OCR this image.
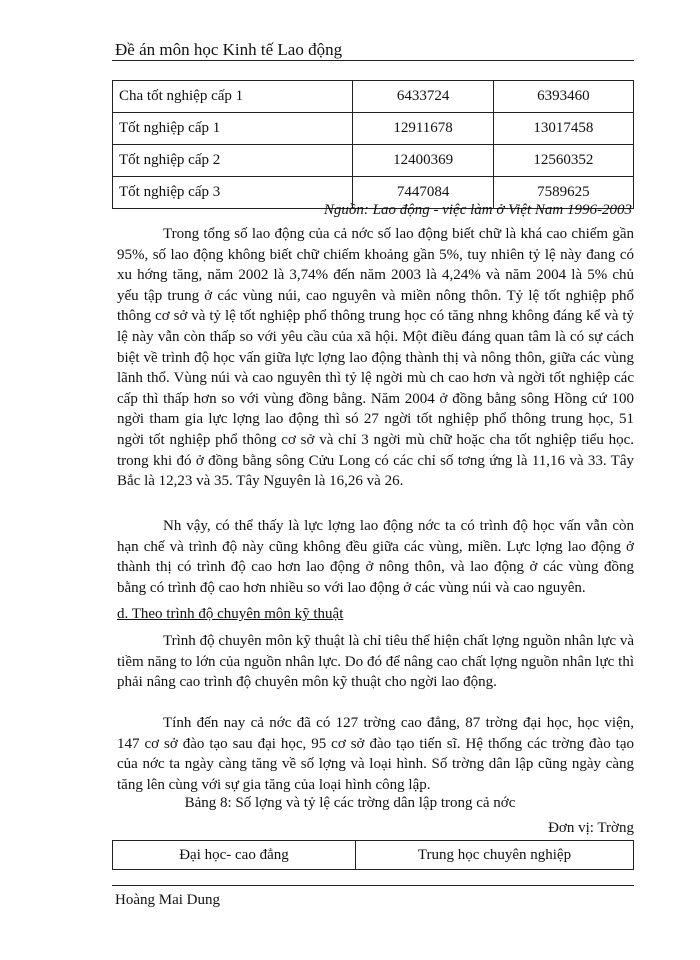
Đề án môn học Kinh tế Lao động
Cha tốt nghiệp cấp 1	6433724	6393460
Tốt nghiệp cấp 1	12911678	13017458
Tốt nghiệp cấp 2	12400369	12560352
Tốt nghiệp cấp 3	7447084	7589625
Nguồn: Lao động - việc làm ở Việt Nam 1996-2003

Trong tổng số lao động của cả nớc số lao động biết chữ là khá cao chiếm gần 95%, số lao động không biết chữ chiếm khoảng gần 5%, tuy nhiên tỷ lệ này đang có xu hớng tăng, năm 2002 là 3,74% đến năm 2003 là 4,24% và năm 2004 là 5% chủ yếu tập trung ở các vùng núi, cao nguyên và miền nông thôn. Tỷ lệ tốt nghiệp phổ thông cơ sở và tỷ lệ tốt nghiệp phổ thông trung học có tăng nhng không đáng kể và tỷ lệ này vẫn còn thấp so với yêu cầu của xã hội. Một điều đáng quan tâm là có sự cách biệt về trình độ học vấn giữa lực lợng lao động thành thị và nông thôn, giữa các vùng lãnh thổ. Vùng núi và cao nguyên thì tỷ lệ ngời mù ch cao hơn và ngời tốt nghiệp các cấp thì thấp hơn so với vùng đồng bằng. Năm 2004 ở đồng bằng sông Hồng cứ 100 ngời tham gia lực lợng lao động thì só 27 ngời tốt nghiệp phổ thông trung học, 51 ngời tốt nghiệp phổ thông cơ sở và chỉ 3 ngời mù chữ hoặc cha tốt nghiệp tiểu học. trong khi đó ở đồng bằng sông Cửu Long có các chỉ số tơng ứng là 11,16 và 33. Tây Bắc là 12,23 và 35. Tây Nguyên là 16,26 và 26.

Nh vậy, có thể thấy là lực lợng lao động nớc ta có trình độ học vấn vẫn còn hạn chế và trình độ này cũng không đều giữa các vùng, miền. Lực lợng lao động ở thành thị có trình độ cao hơn lao động ở nông thôn, và lao động ở các vùng đồng bằng có trình độ cao hơn nhiều so với lao động ở các vùng núi và cao nguyên.

d. Theo trình độ chuyên môn kỹ thuật

Trình độ chuyên môn kỹ thuật là chỉ tiêu thể hiện chất lợng nguồn nhân lực và tiềm năng to lớn của nguồn nhân lực. Do đó để nâng cao chất lợng nguồn nhân lực thì phải nâng cao trình độ chuyên môn kỹ thuật cho ngời lao động.

Tính đến nay cả nớc đã có 127 trờng cao đẳng, 87 trờng đại học, học viện, 147 cơ sở đào tạo sau đại học, 95 cơ sở đào tạo tiến sĩ. Hệ thống các trờng đào tạo của nớc ta ngày càng tăng về số lợng và loại hình. Số trờng dân lập cũng ngày càng tăng lên cùng với sự gia tăng của loại hình công lập.

Bảng 8: Số lợng và tỷ lệ các trờng dân lập trong cả nớc
Đơn vị: Trờng
Đại học- cao đẳng	Trung học chuyên nghiệp
Hoàng Mai Dung
